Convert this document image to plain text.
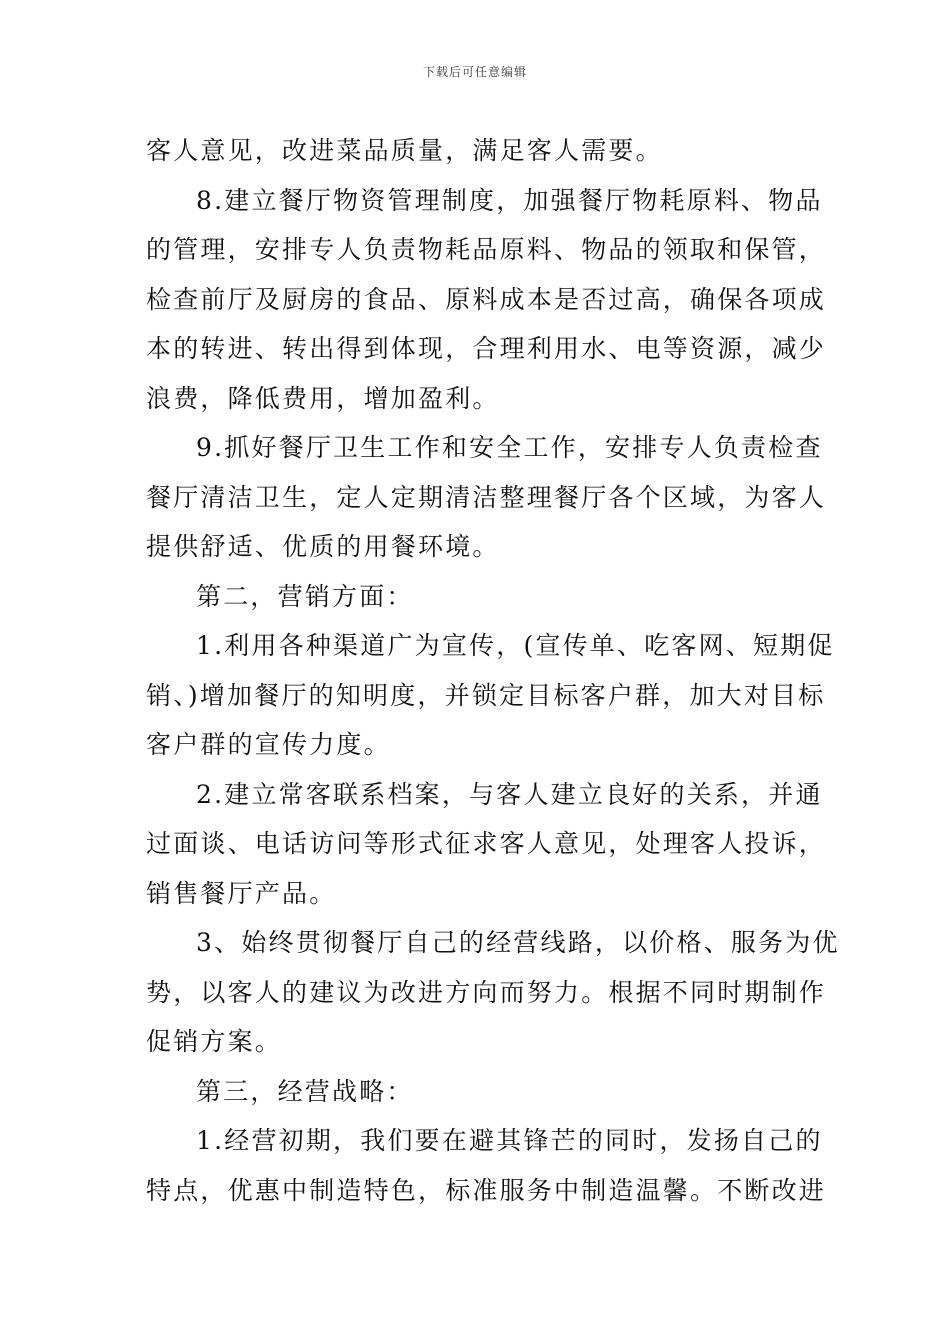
下载后可任意编辑
客人意见，改进菜品质量，满足客人需要。
8.建立餐厅物资管理制度，加强餐厅物耗原料、物品
的管理，安排专人负责物耗品原料、物品的领取和保管，
检查前厅及厨房的食品、原料成本是否过高，确保各项成
本的转进、转出得到体现，合理利用水、电等资源，减少
浪费，降低费用，增加盈利。
9.抓好餐厅卫生工作和安全工作，安排专人负责检查
餐厅清洁卫生，定人定期清洁整理餐厅各个区域，为客人
提供舒适、优质的用餐环境。
第二，营销方面：
1.利用各种渠道广为宣传，(宣传单、吃客网、短期促
销、)增加餐厅的知明度，并锁定目标客户群，加大对目标
客户群的宣传力度。
2.建立常客联系档案，与客人建立良好的关系，并通
过面谈、电话访问等形式征求客人意见，处理客人投诉，
销售餐厅产品。
3、始终贯彻餐厅自己的经营线路，以价格、服务为优
势，以客人的建议为改进方向而努力。根据不同时期制作
促销方案。
第三，经营战略：
1.经营初期，我们要在避其锋芒的同时，发扬自己的
特点，优惠中制造特色，标准服务中制造温馨。不断改进
